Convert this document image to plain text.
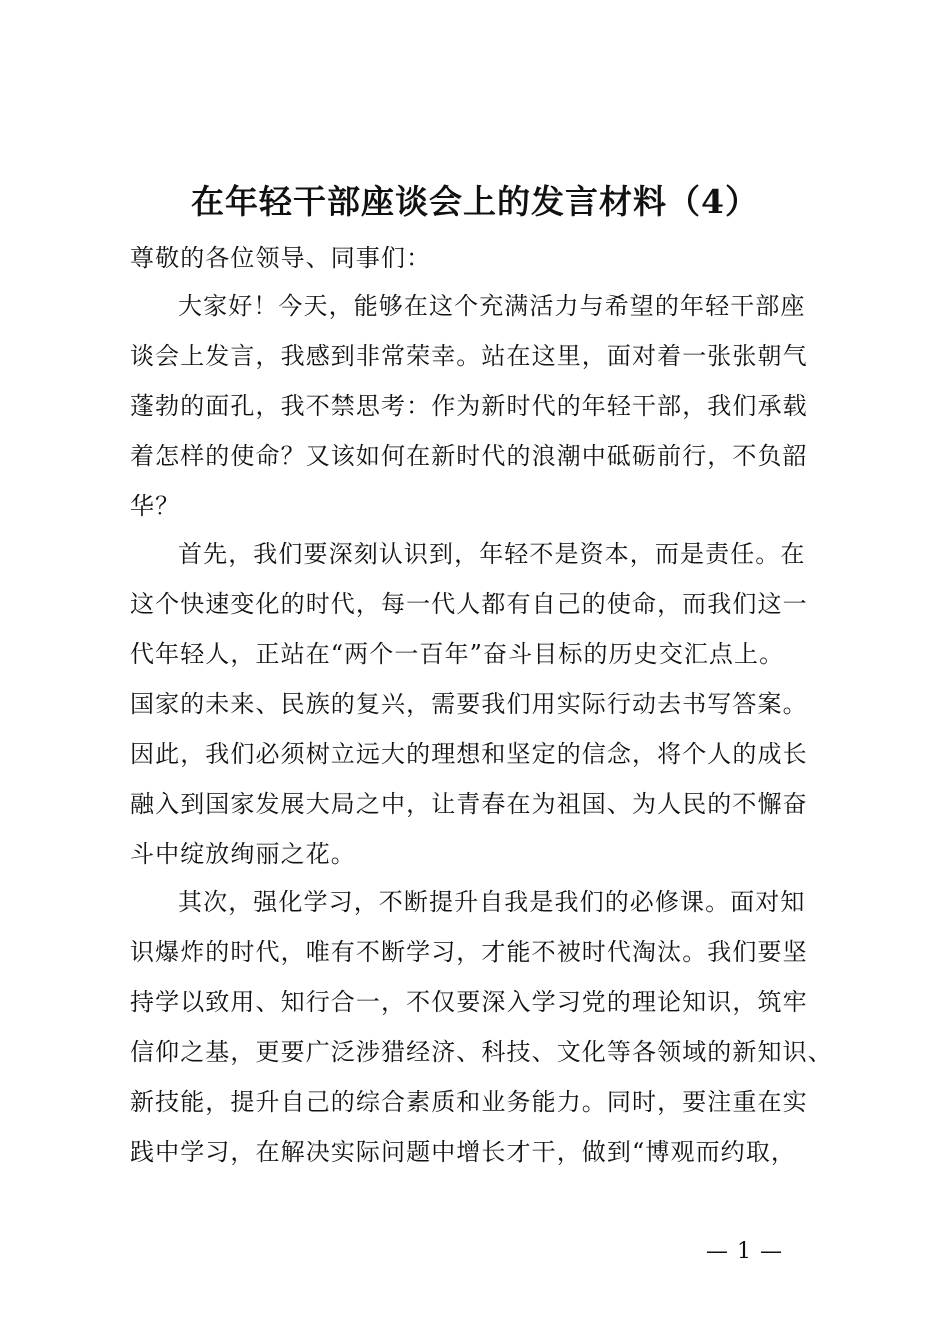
在年轻干部座谈会上的发言材料（4）
尊敬的各位领导、同事们：
大家好！今天，能够在这个充满活力与希望的年轻干部座
谈会上发言，我感到非常荣幸。站在这里，面对着一张张朝气
蓬勃的面孔，我不禁思考：作为新时代的年轻干部，我们承载
着怎样的使命？又该如何在新时代的浪潮中砥砺前行，不负韶
华？
首先，我们要深刻认识到，年轻不是资本，而是责任。在
这个快速变化的时代，每一代人都有自己的使命，而我们这一
代年轻人，正站在“两个一百年”奋斗目标的历史交汇点上。
国家的未来、民族的复兴，需要我们用实际行动去书写答案。
因此，我们必须树立远大的理想和坚定的信念，将个人的成长
融入到国家发展大局之中，让青春在为祖国、为人民的不懈奋
斗中绽放绚丽之花。
其次，强化学习，不断提升自我是我们的必修课。面对知
识爆炸的时代，唯有不断学习，才能不被时代淘汰。我们要坚
持学以致用、知行合一，不仅要深入学习党的理论知识，筑牢
信仰之基，更要广泛涉猎经济、科技、文化等各领域的新知识、
新技能，提升自己的综合素质和业务能力。同时，要注重在实
践中学习，在解决实际问题中增长才干，做到“博观而约取，
— 1 —
